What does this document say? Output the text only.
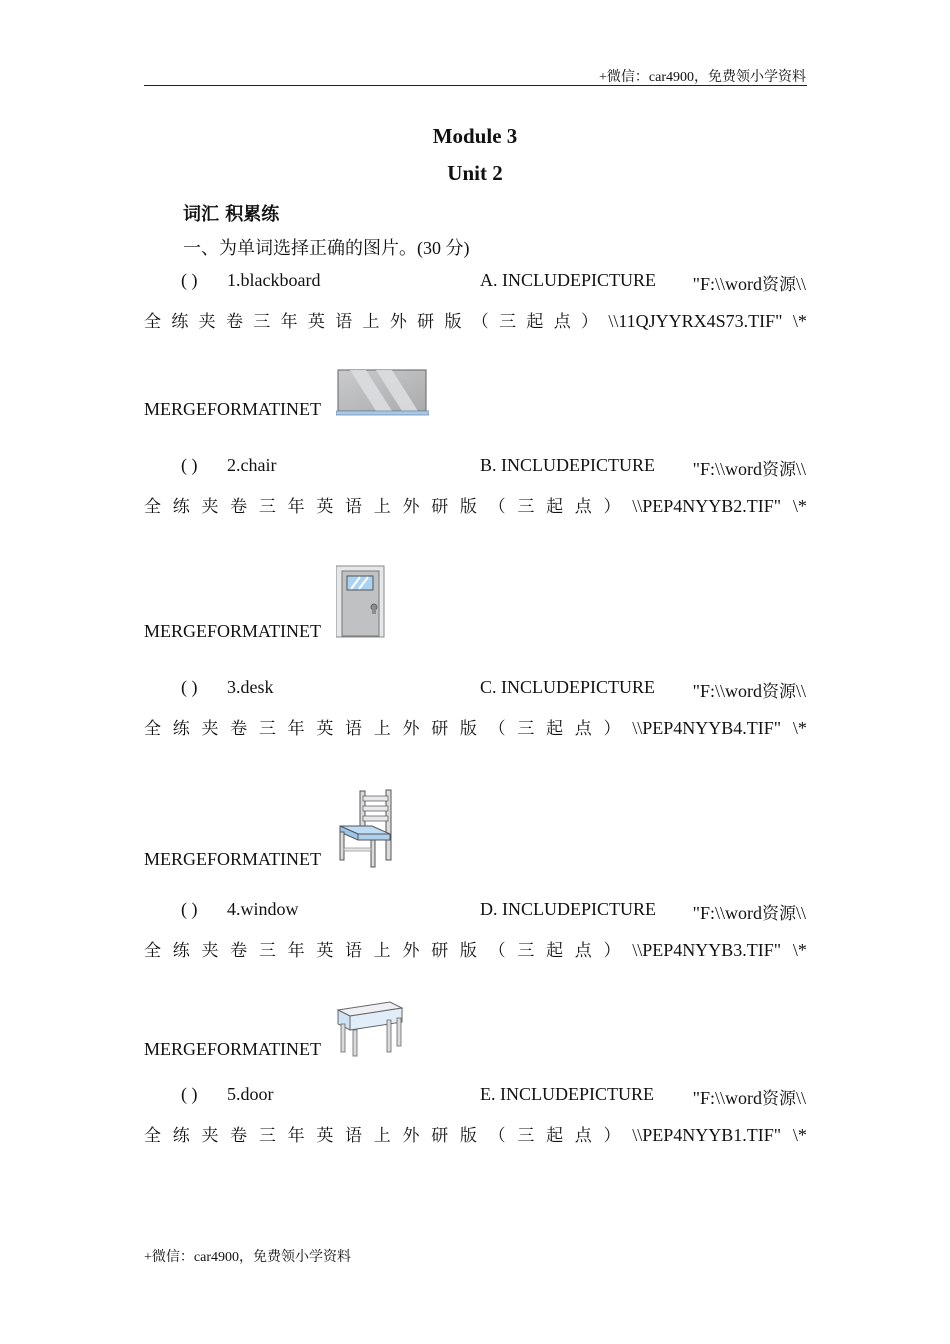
+微信：car4900，免费领小学资料
Module 3
Unit 2
词汇 积累练
一、为单词选择正确的图片。(30 分)
( ) 1.blackboard	A. INCLUDEPICTURE "F:\\word资源\\
全 练 夹 卷 三 年 英 语 上 外 研 版 （ 三 起 点 ） \\11QJYYRX4S73.TIF" \*
MERGEFORMATINET
( ) 2.chair	B. INCLUDEPICTURE "F:\\word资源\\
全 练 夹 卷 三 年 英 语 上 外 研 版 （ 三 起 点 ） \\PEP4NYYB2.TIF" \*
MERGEFORMATINET
( ) 3.desk	C. INCLUDEPICTURE "F:\\word资源\\
全 练 夹 卷 三 年 英 语 上 外 研 版 （ 三 起 点 ） \\PEP4NYYB4.TIF" \*
MERGEFORMATINET
( ) 4.window	D. INCLUDEPICTURE "F:\\word资源\\
全 练 夹 卷 三 年 英 语 上 外 研 版 （ 三 起 点 ） \\PEP4NYYB3.TIF" \*
MERGEFORMATINET
( ) 5.door	E. INCLUDEPICTURE "F:\\word资源\\
全 练 夹 卷 三 年 英 语 上 外 研 版 （ 三 起 点 ） \\PEP4NYYB1.TIF" \*
+微信：car4900，免费领小学资料
